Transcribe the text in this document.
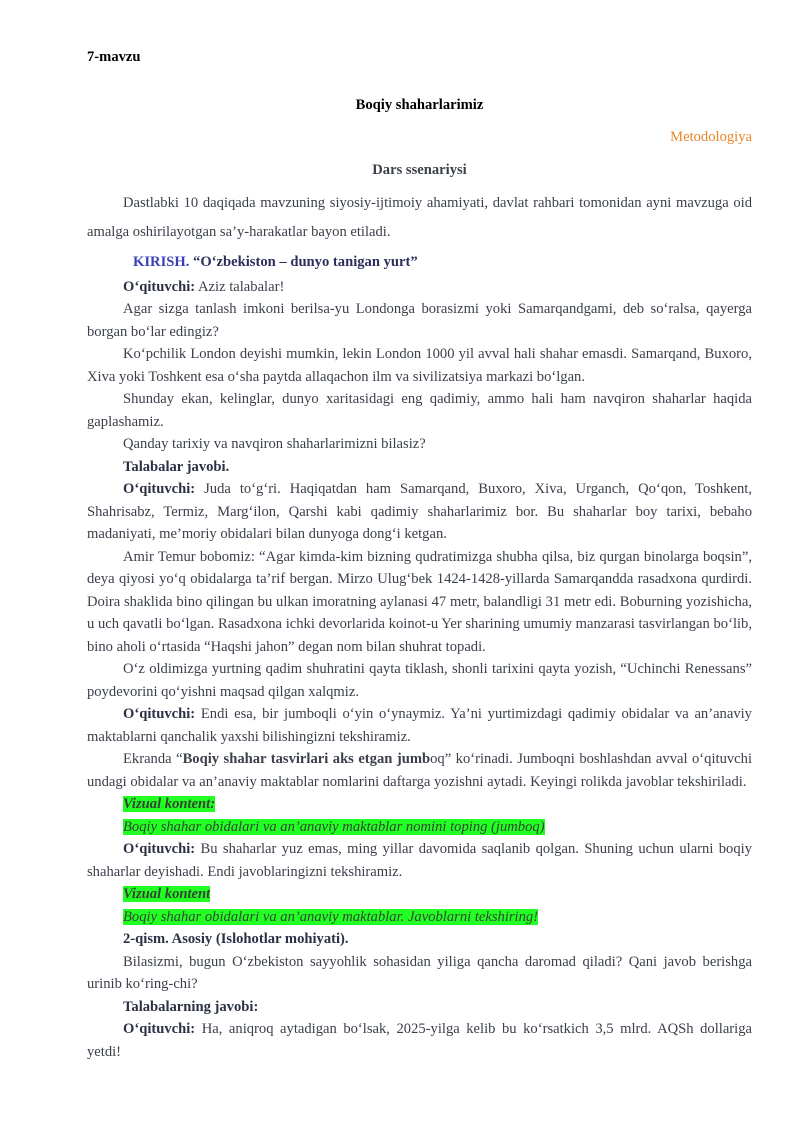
7-mavzu

Boqiy shaharlarimiz

Metodologiya

Dars ssenariysi

Dastlabki 10 daqiqada mavzuning siyosiy-ijtimoiy ahamiyati, davlat rahbari tomonidan ayni mavzuga oid amalga oshirilayotgan sa’y-harakatlar bayon etiladi.

KIRISH. “O‘zbekiston – dunyo tanigan yurt”

O‘qituvchi: Aziz talabalar!

Agar sizga tanlash imkoni berilsa-yu Londonga borasizmi yoki Samarqandgami, deb so‘ralsa, qayerga borgan bo‘lar edingiz?

Ko‘pchilik London deyishi mumkin, lekin London 1000 yil avval hali shahar emasdi. Samarqand, Buxoro, Xiva yoki Toshkent esa o‘sha paytda allaqachon ilm va sivilizatsiya markazi bo‘lgan.

Shunday ekan, kelinglar, dunyo xaritasidagi eng qadimiy, ammo hali ham navqiron shaharlar haqida gaplashamiz.

Qanday tarixiy va navqiron shaharlarimizni bilasiz?

Talabalar javobi.

O‘qituvchi: Juda to‘g‘ri. Haqiqatdan ham Samarqand, Buxoro, Xiva, Urganch, Qo‘qon, Toshkent, Shahrisabz, Termiz, Marg‘ilon, Qarshi kabi qadimiy shaharlarimiz bor. Bu shaharlar boy tarixi, bebaho madaniyati, me’moriy obidalari bilan dunyoga dong‘i ketgan.

Amir Temur bobomiz: “Agar kimda-kim bizning qudratimizga shubha qilsa, biz qurgan binolarga boqsin”, deya qiyosi yo‘q obidalarga ta’rif bergan. Mirzo Ulug‘bek 1424-1428-yillarda Samarqandda rasadxona qurdirdi. Doira shaklida bino qilingan bu ulkan imoratning aylanasi 47 metr, balandligi 31 metr edi. Boburning yozishicha, u uch qavatli bo‘lgan. Rasadxona ichki devorlarida koinot-u Yer sharining umumiy manzarasi tasvirlangan bo‘lib, bino aholi o‘rtasida “Haqshi jahon” degan nom bilan shuhrat topadi.

O‘z oldimizga yurtning qadim shuhratini qayta tiklash, shonli tarixini qayta yozish, “Uchinchi Renessans” poydevorini qo‘yishni maqsad qilgan xalqmiz.

O‘qituvchi: Endi esa, bir jumboqli o‘yin o‘ynaymiz. Ya’ni yurtimizdagi qadimiy obidalar va an’anaviy maktablarni qanchalik yaxshi bilishingizni tekshiramiz.

Ekranda “Boqiy shahar tasvirlari aks etgan jumboq” ko‘rinadi. Jumboqni boshlashdan avval o‘qituvchi undagi obidalar va an’anaviy maktablar nomlarini daftarga yozishni aytadi. Keyingi rolikda javoblar tekshiriladi.

Vizual kontent:

Boqiy shahar obidalari va an’anaviy maktablar nomini toping (jumboq)

O‘qituvchi: Bu shaharlar yuz emas, ming yillar davomida saqlanib qolgan. Shuning uchun ularni boqiy shaharlar deyishadi. Endi javoblaringizni tekshiramiz.

Vizual kontent

Boqiy shahar obidalari va an’anaviy maktablar. Javoblarni tekshiring!

2-qism. Asosiy (Islohotlar mohiyati).

Bilasizmi, bugun O‘zbekiston sayyohlik sohasidan yiliga qancha daromad qiladi? Qani javob berishga urinib ko‘ring-chi?

Talabalarning javobi:

O‘qituvchi: Ha, aniqroq aytadigan bo‘lsak, 2025-yilga kelib bu ko‘rsatkich 3,5 mlrd. AQSh dollariga yetdi!
